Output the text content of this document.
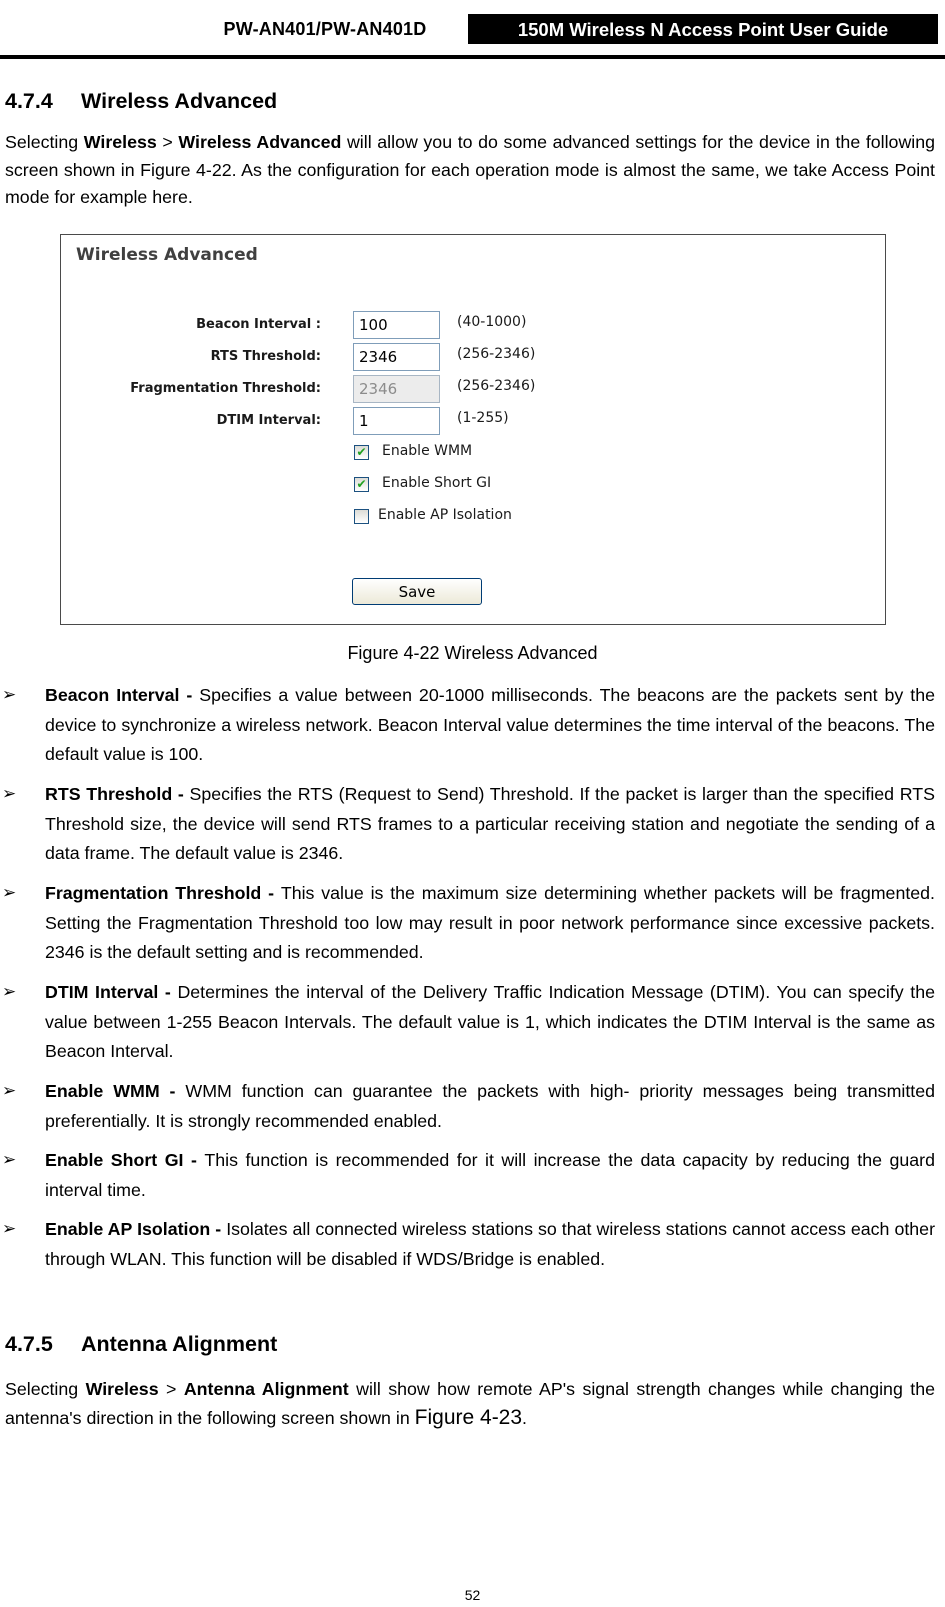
PW-AN401/PW-AN401D	150M Wireless N Access Point User Guide
4.7.4 Wireless Advanced

Selecting Wireless > Wireless Advanced will allow you to do some advanced settings for the device in the following screen shown in Figure 4-22. As the configuration for each operation mode is almost the same, we take Access Point mode for example here.

Wireless Advanced
Beacon Interval :
100	(40-1000)
RTS Threshold:
2346	(256-2346)
Fragmentation Threshold:
2346	(256-2346)
DTIM Interval:
1	(1-255)
✔ Enable WMM
✔ Enable Short GI
Enable AP Isolation
Save
Figure 4-22 Wireless Advanced
➢ Beacon Interval - Specifies a value between 20-1000 milliseconds. The beacons are the packets sent by the device to synchronize a wireless network. Beacon Interval value determines the time interval of the beacons. The default value is 100.

➢ RTS Threshold - Specifies the RTS (Request to Send) Threshold. If the packet is larger than the specified RTS Threshold size, the device will send RTS frames to a particular receiving station and negotiate the sending of a data frame. The default value is 2346.

➢ Fragmentation Threshold - This value is the maximum size determining whether packets will be fragmented. Setting the Fragmentation Threshold too low may result in poor network performance since excessive packets. 2346 is the default setting and is recommended.

➢ DTIM Interval - Determines the interval of the Delivery Traffic Indication Message (DTIM). You can specify the value between 1-255 Beacon Intervals. The default value is 1, which indicates the DTIM Interval is the same as Beacon Interval.

➢ Enable WMM - WMM function can guarantee the packets with high- priority messages being transmitted preferentially. It is strongly recommended enabled.

➢ Enable Short GI - This function is recommended for it will increase the data capacity by reducing the guard interval time.

➢ Enable AP Isolation - Isolates all connected wireless stations so that wireless stations cannot access each other through WLAN. This function will be disabled if WDS/Bridge is enabled.

4.7.5 Antenna Alignment

Selecting Wireless > Antenna Alignment will show how remote AP's signal strength changes while changing the antenna's direction in the following screen shown in Figure 4-23.

52
